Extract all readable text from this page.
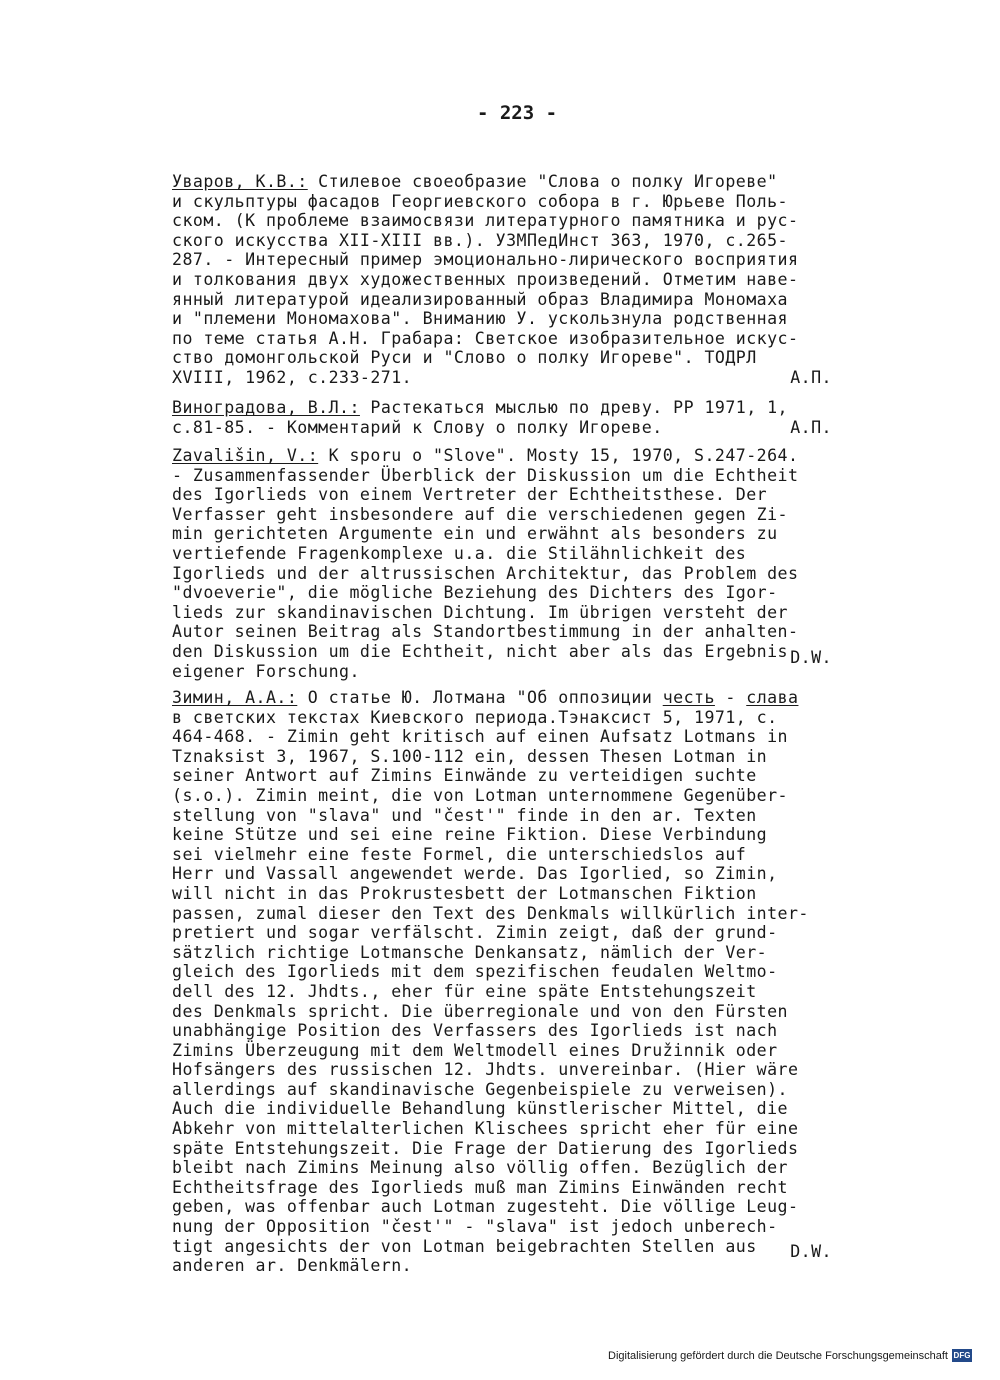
- 223 -
Уваров, К.В.: Стилевое своеобразие "Слова о полку Игореве"
и скульптуры фасадов Георгиевского собора в г. Юрьеве Поль-
ском. (К проблеме взаимосвязи литературного памятника и рус-
ского искусства XII-XIII вв.). УЗМПедИнст 363, 1970, с.265-
287. - Интересный пример эмоционально-лирического восприятия
и толкования двух художественных произведений. Отметим наве-
янный литературой идеализированный образ Владимира Мономаха
и "племени Мономахова". Вниманию У. ускользнула родственная
по теме статья А.Н. Грабара: Светское изобразительное искус-
ство домонгольской Руси и "Слово о полку Игореве". ТОДРЛ
XVIII, 1962, с.233-271.	А.П.
Виноградова, В.Л.: Растекаться мыслью по древу. РР 1971, 1,
с.81-85. - Комментарий к Слову о полку Игореве.	А.П.
Zavališin, V.: K sporu o "Slove". Mosty 15, 1970, S.247-264.
- Zusammenfassender Überblick der Diskussion um die Echtheit
des Igorlieds von einem Vertreter der Echtheitsthese. Der
Verfasser geht insbesondere auf die verschiedenen gegen Zi-
min gerichteten Argumente ein und erwähnt als besonders zu
vertiefende Fragenkomplexe u.a. die Stilähnlichkeit des
Igorlieds und der altrussischen Architektur, das Problem des
"dvoeverie", die mögliche Beziehung des Dichters des Igor-
lieds zur skandinavischen Dichtung. Im übrigen versteht der
Autor seinen Beitrag als Standortbestimmung in der anhalten-
den Diskussion um die Echtheit, nicht aber als das Ergebnis
eigener Forschung.
D.W.
Зимин, А.А.: О статье Ю. Лотмана "Об оппозиции честь - слава
в светских текстах Киевского периода.Тэнаксист 5, 1971, с.
464-468. - Zimin geht kritisch auf einen Aufsatz Lotmans in
Tznaksist 3, 1967, S.100-112 ein, dessen Thesen Lotman in
seiner Antwort auf Zimins Einwände zu verteidigen suchte
(s.o.). Zimin meint, die von Lotman unternommene Gegenüber-
stellung von "slava" und "čest'" finde in den ar. Texten
keine Stütze und sei eine reine Fiktion. Diese Verbindung
sei vielmehr eine feste Formel, die unterschiedslos auf
Herr und Vassall angewendet werde. Das Igorlied, so Zimin,
will nicht in das Prokrustesbett der Lotmanschen Fiktion
passen, zumal dieser den Text des Denkmals willkürlich inter-
pretiert und sogar verfälscht. Zimin zeigt, daß der grund-
sätzlich richtige Lotmansche Denkansatz, nämlich der Ver-
gleich des Igorlieds mit dem spezifischen feudalen Weltmo-
dell des 12. Jhdts., eher für eine späte Entstehungszeit
des Denkmals spricht. Die überregionale und von den Fürsten
unabhängige Position des Verfassers des Igorlieds ist nach
Zimins Überzeugung mit dem Weltmodell eines Družinnik oder
Hofsängers des russischen 12. Jhdts. unvereinbar. (Hier wäre
allerdings auf skandinavische Gegenbeispiele zu verweisen).
Auch die individuelle Behandlung künstlerischer Mittel, die
Abkehr von mittelalterlichen Klischees spricht eher für eine
späte Entstehungszeit. Die Frage der Datierung des Igorlieds
bleibt nach Zimins Meinung also völlig offen. Bezüglich der
Echtheitsfrage des Igorlieds muß man Zimins Einwänden recht
geben, was offenbar auch Lotman zugesteht. Die völlige Leug-
nung der Opposition "čest'" - "slava" ist jedoch unberech-
tigt angesichts der von Lotman beigebrachten Stellen aus
anderen ar. Denkmälern.
D.W.
Digitalisierung gefördert durch die Deutsche Forschungsgemeinschaft DFG
